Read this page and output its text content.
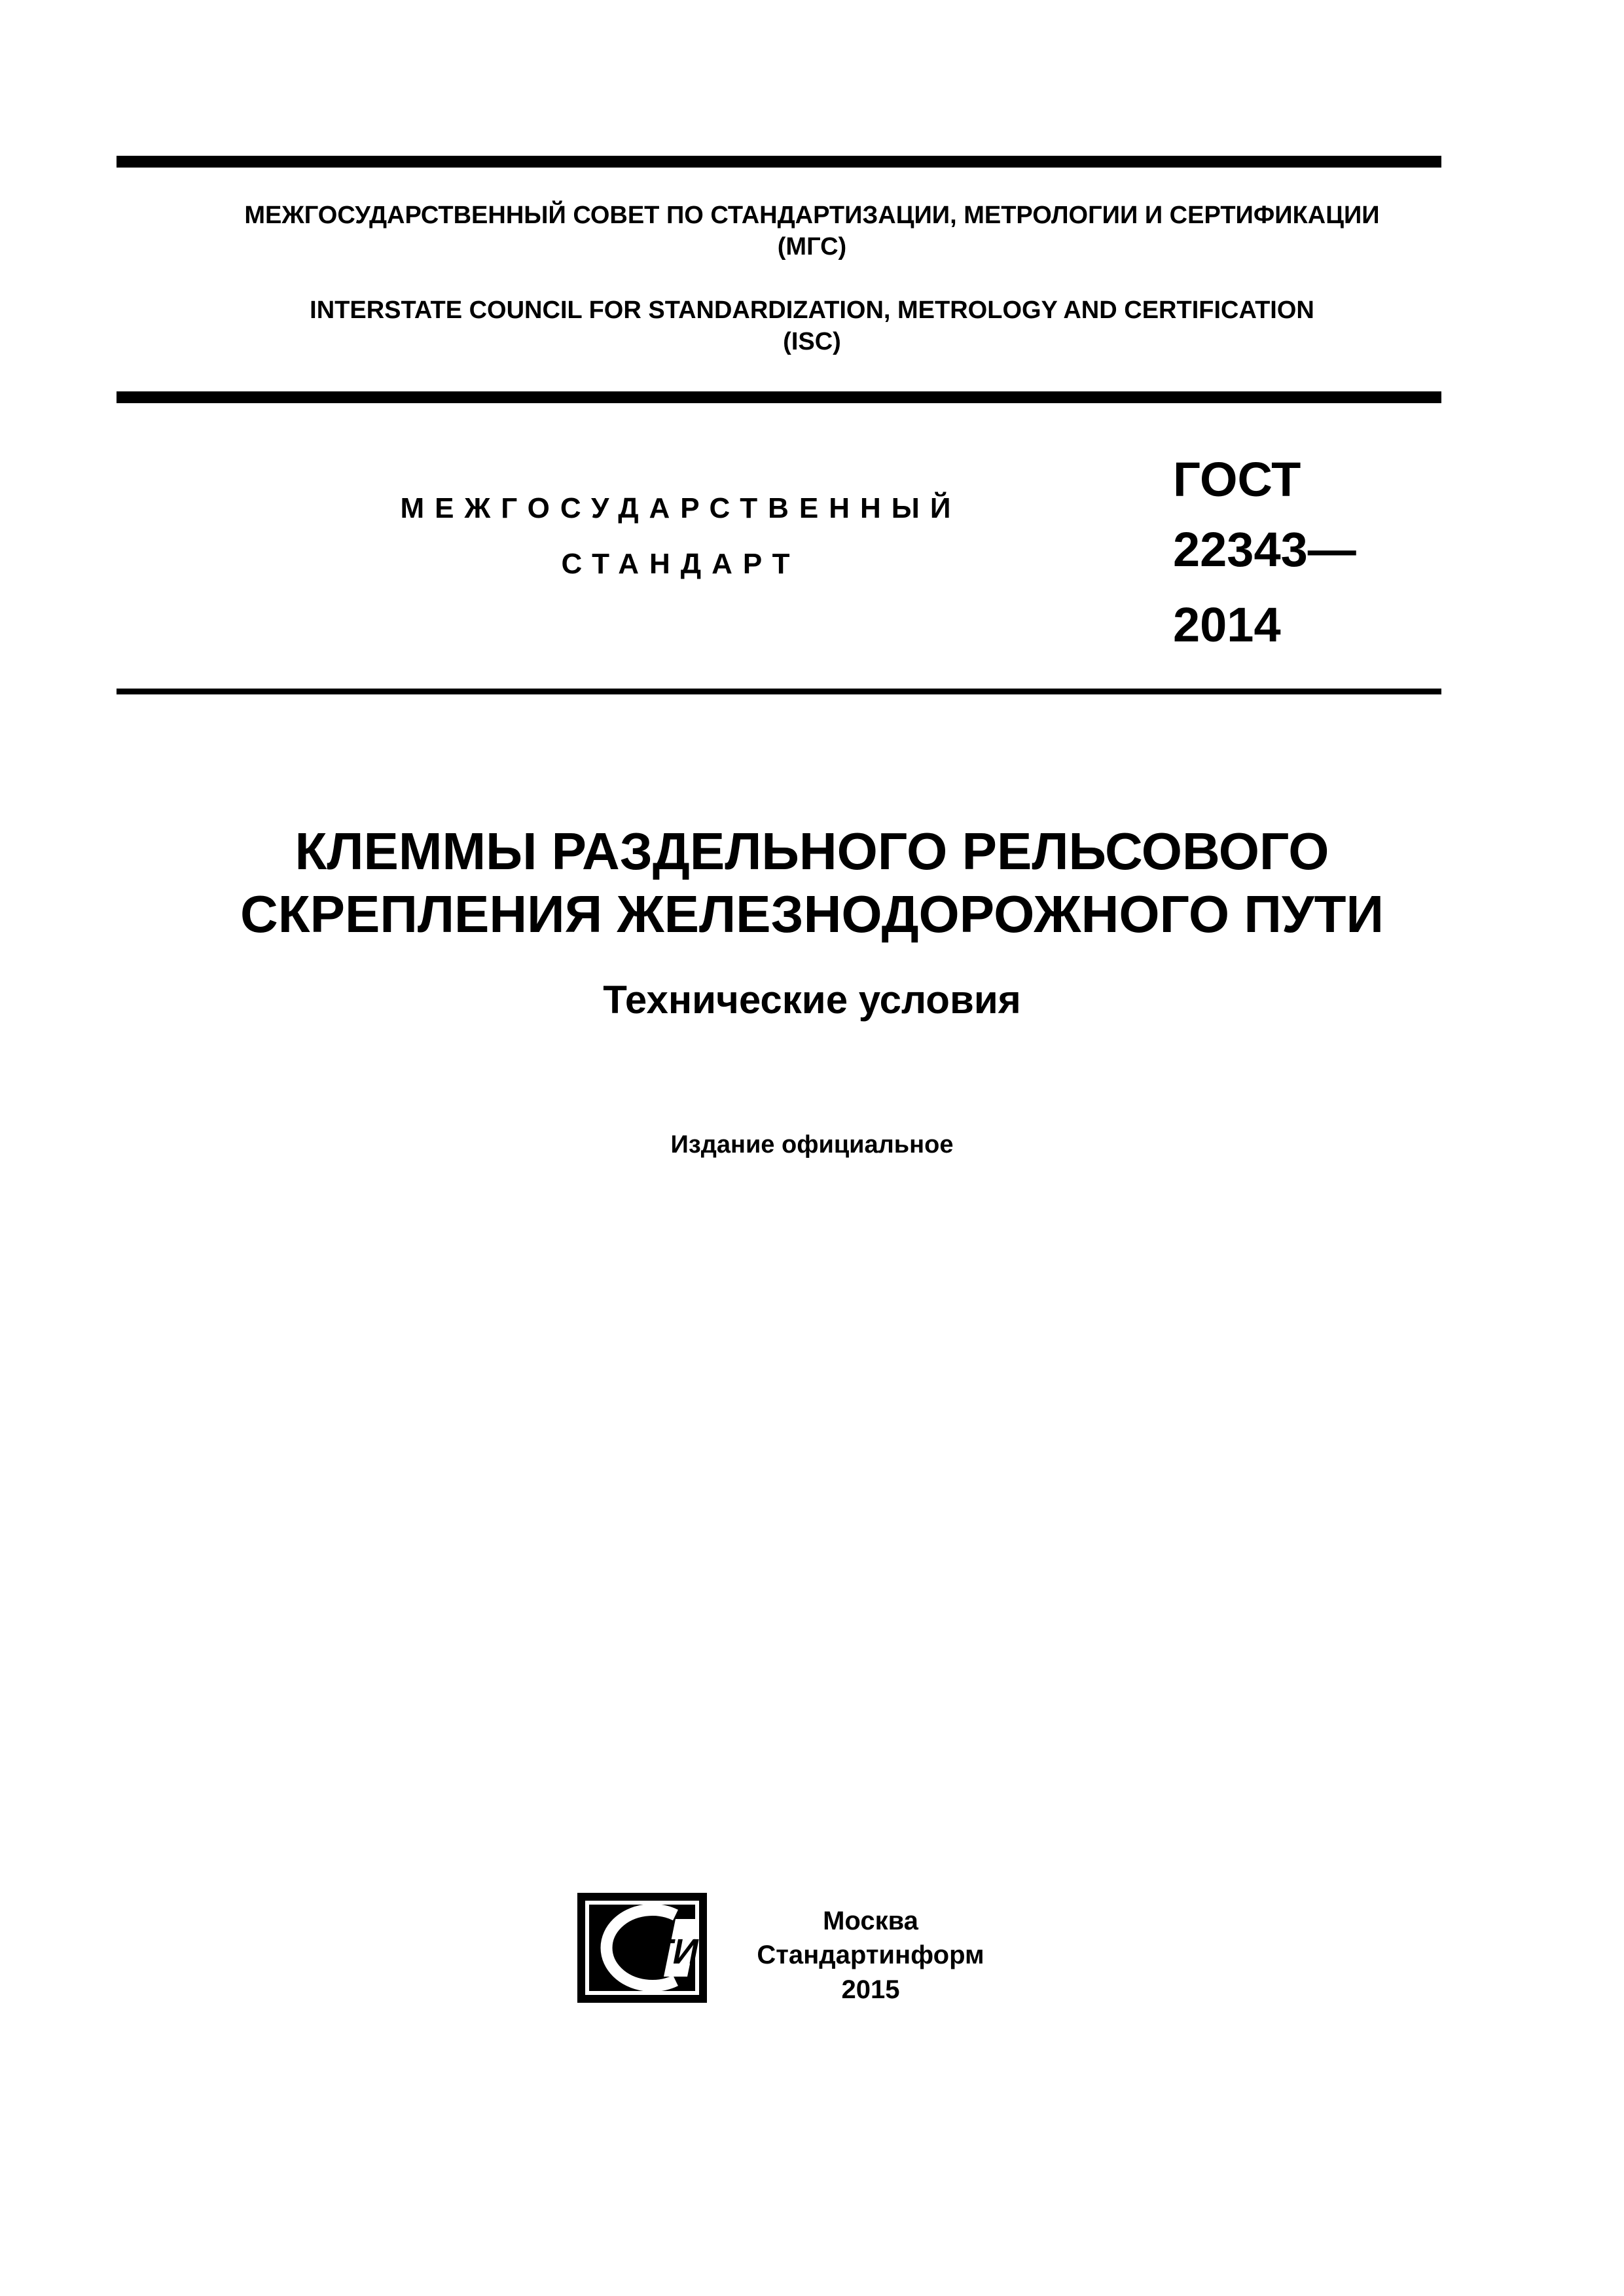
МЕЖГОСУДАРСТВЕННЫЙ СОВЕТ ПО СТАНДАРТИЗАЦИИ, МЕТРОЛОГИИ И СЕРТИФИКАЦИИ
(МГС)
INTERSTATE COUNCIL FOR STANDARDIZATION, METROLOGY AND CERTIFICATION
(ISC)
МЕЖГОСУДАРСТВЕННЫЙ
СТАНДАРТ
ГОСТ
22343—
2014
КЛЕММЫ РАЗДЕЛЬНОГО РЕЛЬСОВОГО
СКРЕПЛЕНИЯ ЖЕЛЕЗНОДОРОЖНОГО ПУТИ
Технические условия
Издание официальное
СТИ
Москва
Стандартинформ
2015
